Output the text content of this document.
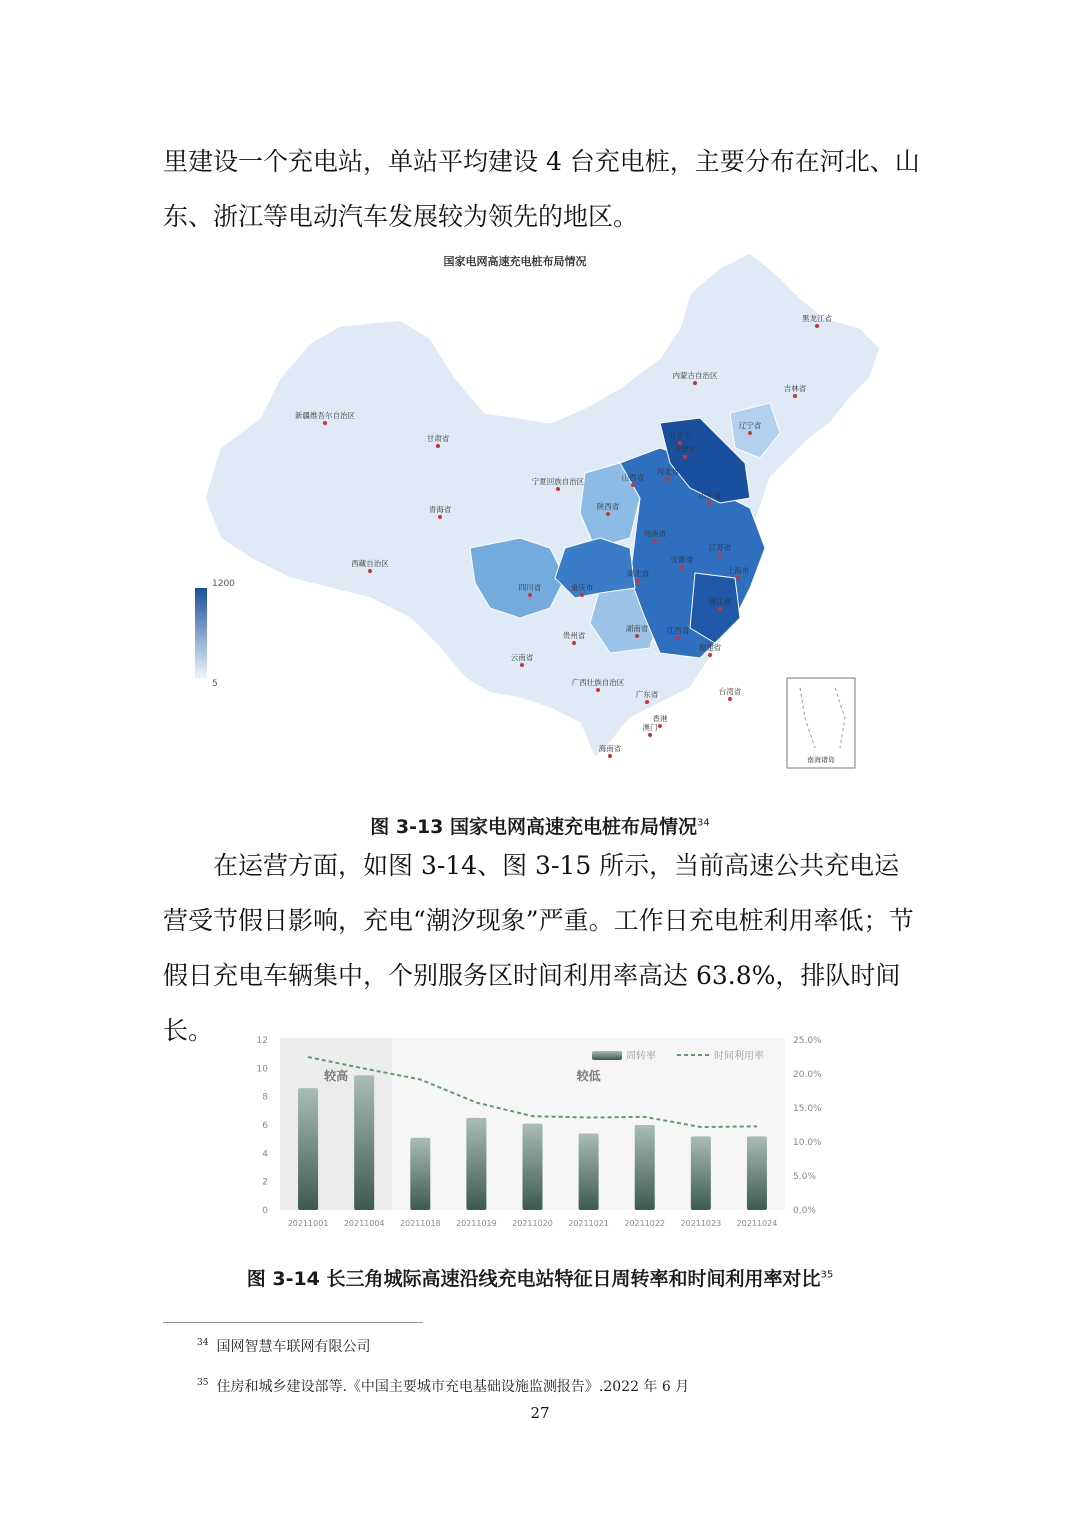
里建设一个充电站，单站平均建设 4 台充电桩，主要分布在河北、山

东、浙江等电动汽车发展较为领先的地区。

国家电网高速充电桩布局情况
1200
5
南海诸岛
新疆维吾尔自治区
西藏自治区
青海省
甘肃省
内蒙古自治区
黑龙江省
吉林省
辽宁省
北京市
天津市
河北省
山西省
山东省
宁夏回族自治区
陕西省
河南省
江苏省
上海市
安徽省
湖北省
四川省	重庆市
浙江省
湖南省 江西省
福建省
贵州省
云南省
广西壮族自治区
广东省	台湾省
香港
澳门
海南省
图 3-13 国家电网高速充电桩布局情况$^{34}$

在运营方面，如图 3-14、图 3-15 所示，当前高速公共充电运营受节假日影响，充电“潮汐现象”严重。工作日充电桩利用率低；节假日充电车辆集中，个别服务区时间利用率高达 63.8%，排队时间长。

0
2
4
6
8
10
12
0.0%
5.0%
10.0%
15.0%
20.0%
25.0%
20211001 20211004 20211018 20211019 20211020 20211021 20211022 20211023 20211024
较高	较低
周转率	时间利用率
图 3-14 长三角城际高速沿线充电站特征日周转率和时间利用率对比$^{35}$
$^{34}$ 国网智慧车联网有限公司
$^{35}$ 住房和城乡建设部等.《中国主要城市充电基础设施监测报告》.2022 年 6 月
27
